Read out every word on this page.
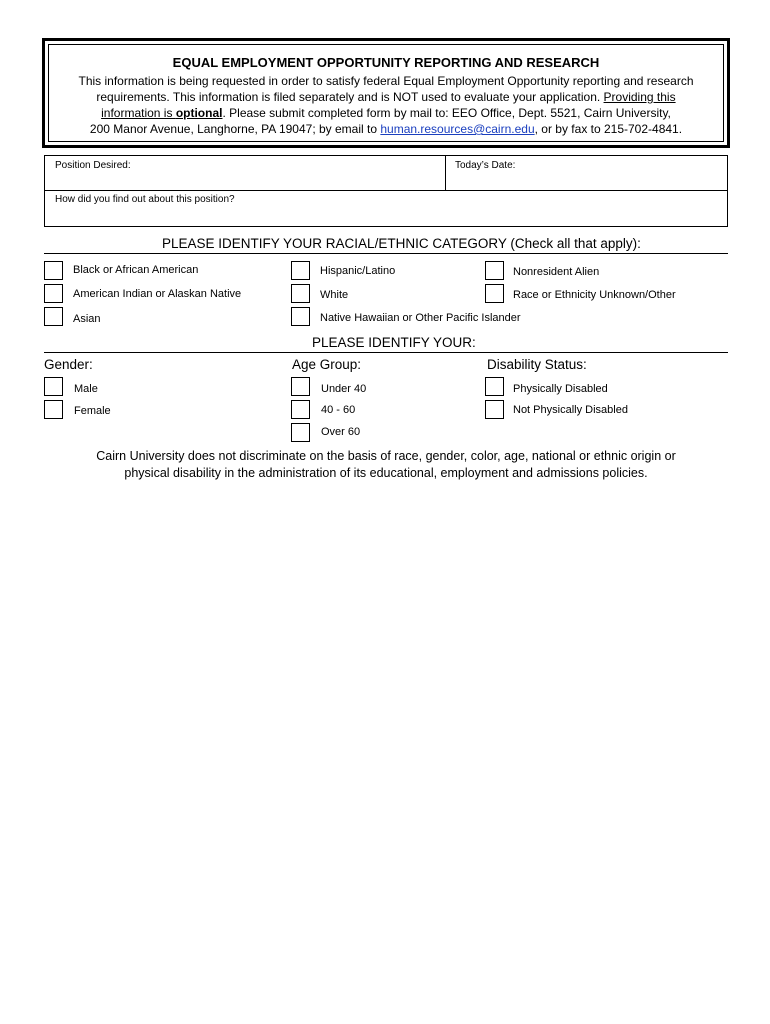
EQUAL EMPLOYMENT OPPORTUNITY REPORTING AND RESEARCH
This information is being requested in order to satisfy federal Equal Employment Opportunity reporting and research
requirements. This information is filed separately and is NOT used to evaluate your application. Providing this
information is optional. Please submit completed form by mail to: EEO Office, Dept. 5521, Cairn University,
200 Manor Avenue, Langhorne, PA 19047; by email to human.resources@cairn.edu, or by fax to 215-702-4841.
Position Desired:	Today’s Date:
How did you find out about this position?
PLEASE IDENTIFY YOUR RACIAL/ETHNIC CATEGORY (Check all that apply):
Black or African American
American Indian or Alaskan Native
Asian
Hispanic/Latino
White
Native Hawaiian or Other Pacific Islander
Nonresident Alien
Race or Ethnicity Unknown/Other
PLEASE IDENTIFY YOUR:
Gender:
Male
Female
Age Group:
Under 40
40 - 60
Over 60
Disability Status:
Physically Disabled
Not Physically Disabled
Cairn University does not discriminate on the basis of race, gender, color, age, national or ethnic origin or
physical disability in the administration of its educational, employment and admissions policies.
